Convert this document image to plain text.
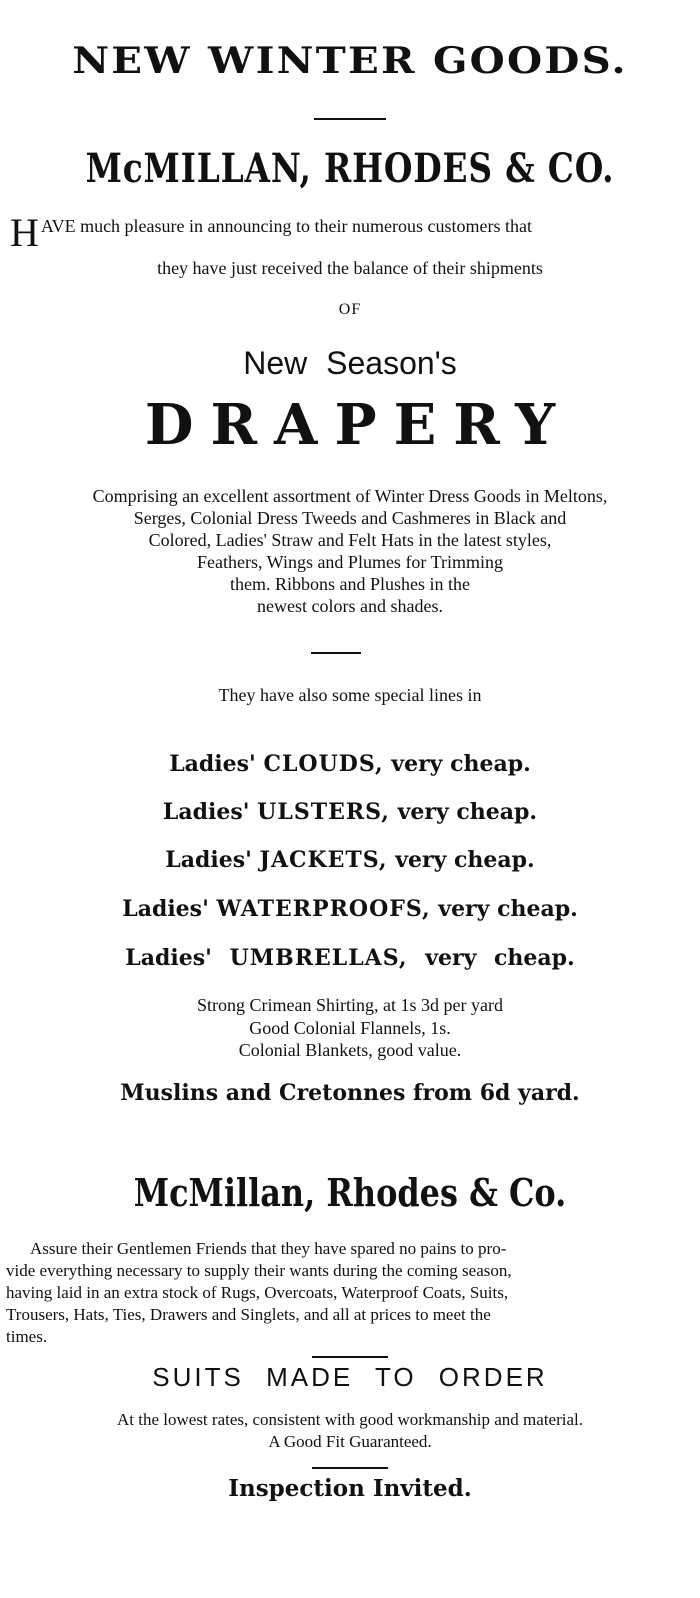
NEW WINTER GOODS.
McMILLAN, RHODES & CO.
HAVE much pleasure in announcing to their numerous customers that
they have just received the balance of their shipments
OF
New Season's
DRAPERY
Comprising an excellent assortment of Winter Dress Goods in Meltons,
Serges, Colonial Dress Tweeds and Cashmeres in Black and
Colored, Ladies' Straw and Felt Hats in the latest styles,
Feathers, Wings and Plumes for Trimming
them. Ribbons and Plushes in the
newest colors and shades.
They have also some special lines in
Ladies' CLOUDS, very cheap.
Ladies' ULSTERS, very cheap.
Ladies' JACKETS, very cheap.
Ladies' WATERPROOFS, very cheap.
Ladies' UMBRELLAS, very cheap.
Strong Crimean Shirting, at 1s 3d per yard
Good Colonial Flannels, 1s.
Colonial Blankets, good value.
Muslins and Cretonnes from 6d yard.
McMillan, Rhodes & Co.
Assure their Gentlemen Friends that they have spared no pains to pro-
vide everything necessary to supply their wants during the coming season,
having laid in an extra stock of Rugs, Overcoats, Waterproof Coats, Suits,
Trousers, Hats, Ties, Drawers and Singlets, and all at prices to meet the
times.
SUITS MADE TO ORDER
At the lowest rates, consistent with good workmanship and material.
A Good Fit Guaranteed.
Inspection Invited.
